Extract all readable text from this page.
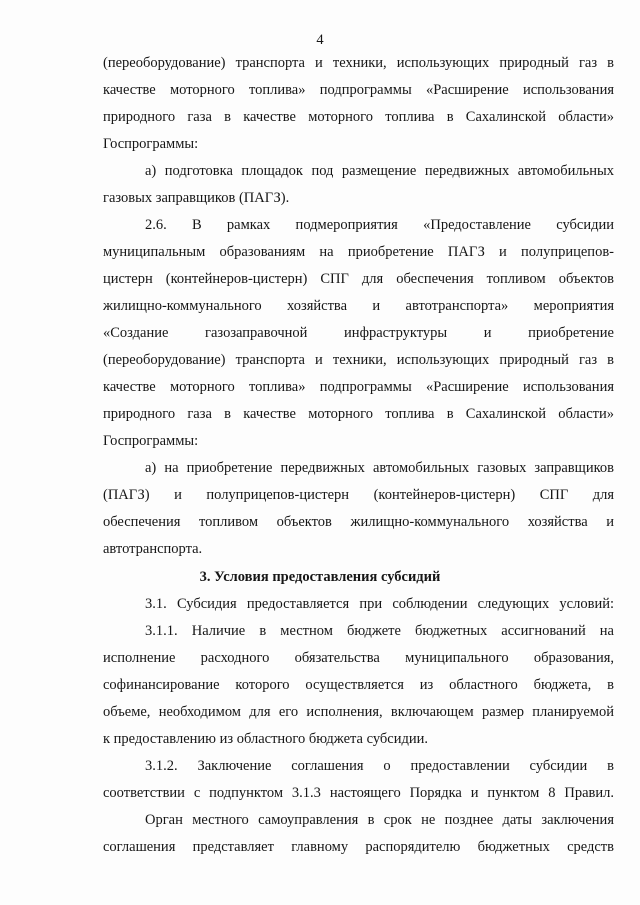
4
(переоборудование) транспорта и техники, использующих природный газ в
качестве моторного топлива» подпрограммы «Расширение использования
природного газа в качестве моторного топлива в Сахалинской области»
Госпрограммы:
а) подготовка площадок под размещение передвижных автомобильных
газовых заправщиков (ПАГЗ).
2.6. В рамках подмероприятия «Предоставление субсидии
муниципальным образованиям на приобретение ПАГЗ и полуприцепов-
цистерн (контейнеров-цистерн) СПГ для обеспечения топливом объектов
жилищно-коммунального хозяйства и автотранспорта» мероприятия
«Создание газозаправочной инфраструктуры и приобретение
(переоборудование) транспорта и техники, использующих природный газ в
качестве моторного топлива» подпрограммы «Расширение использования
природного газа в качестве моторного топлива в Сахалинской области»
Госпрограммы:
а) на приобретение передвижных автомобильных газовых заправщиков
(ПАГЗ) и полуприцепов-цистерн (контейнеров-цистерн) СПГ для
обеспечения топливом объектов жилищно-коммунального хозяйства и
автотранспорта.
3. Условия предоставления субсидий
3.1. Субсидия предоставляется при соблюдении следующих условий:
3.1.1. Наличие в местном бюджете бюджетных ассигнований на
исполнение расходного обязательства муниципального образования,
софинансирование которого осуществляется из областного бюджета, в
объеме, необходимом для его исполнения, включающем размер планируемой
к предоставлению из областного бюджета субсидии.
3.1.2. Заключение соглашения о предоставлении субсидии в
соответствии с подпунктом 3.1.3 настоящего Порядка и пунктом 8 Правил.
Орган местного самоуправления в срок не позднее даты заключения
соглашения представляет главному распорядителю бюджетных средств
